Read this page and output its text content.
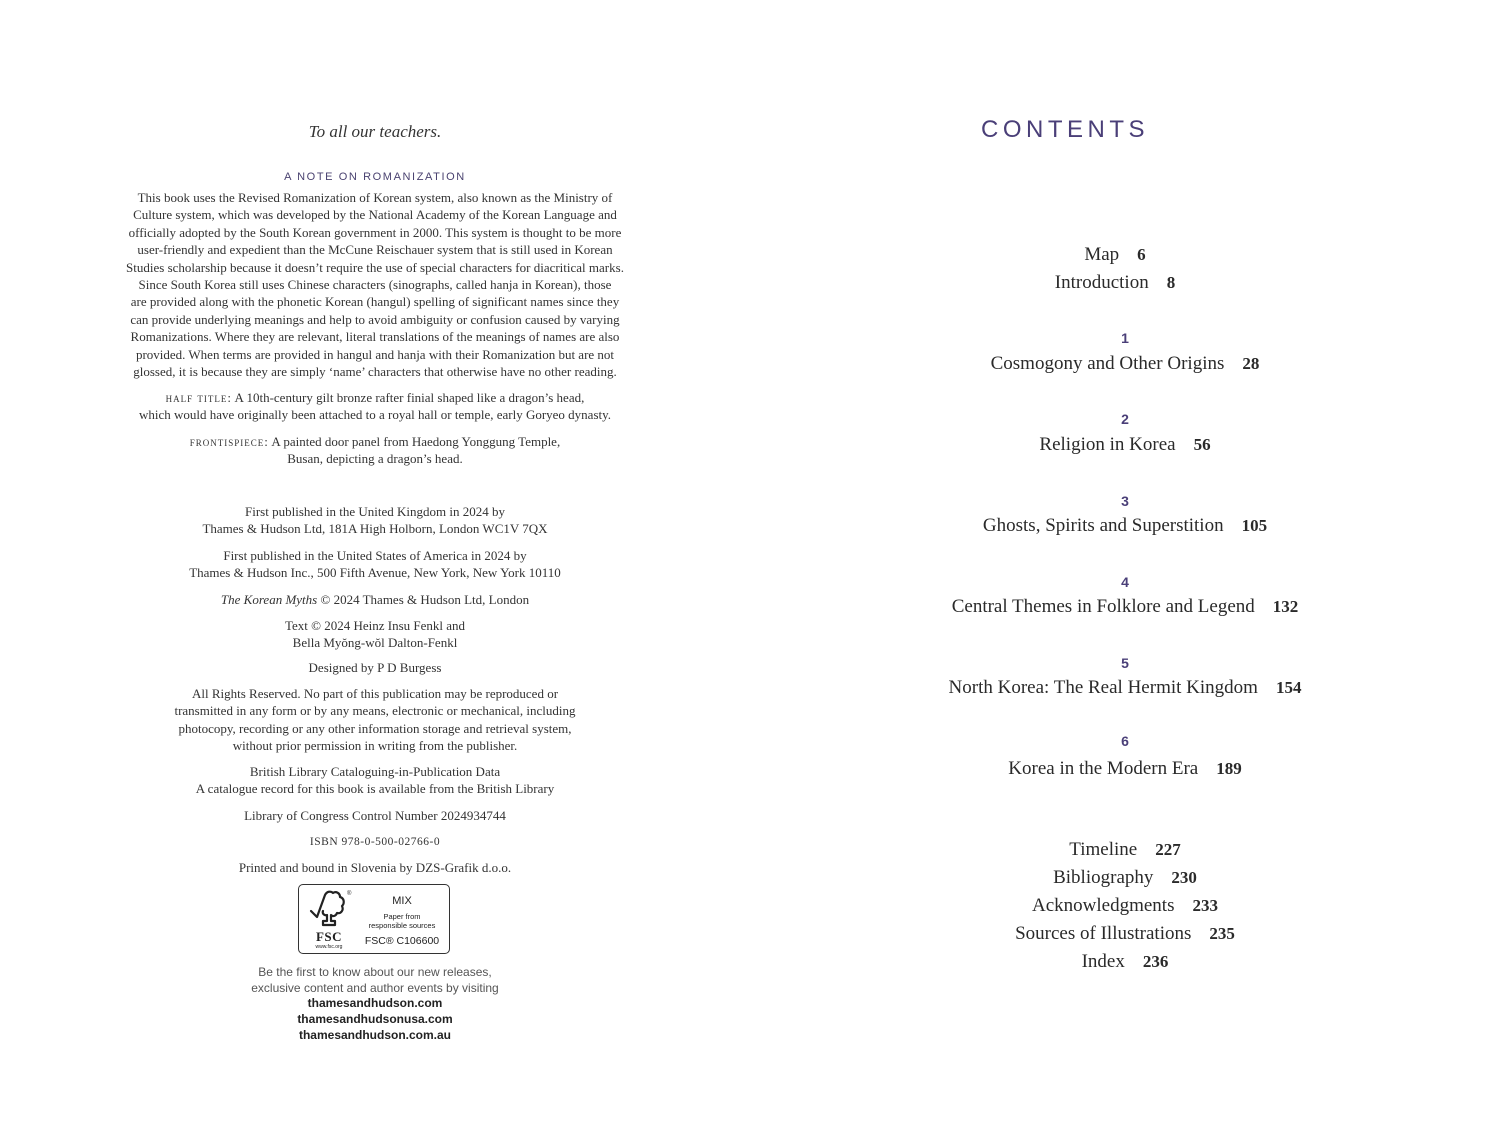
To all our teachers.
A NOTE ON ROMANIZATION
This book uses the Revised Romanization of Korean system, also known as the Ministry of
Culture system, which was developed by the National Academy of the Korean Language and
officially adopted by the South Korean government in 2000. This system is thought to be more
user-friendly and expedient than the McCune Reischauer system that is still used in Korean
Studies scholarship because it doesn’t require the use of special characters for diacritical marks.
Since South Korea still uses Chinese characters (sinographs, called hanja in Korean), those
are provided along with the phonetic Korean (hangul) spelling of significant names since they
can provide underlying meanings and help to avoid ambiguity or confusion caused by varying
Romanizations. Where they are relevant, literal translations of the meanings of names are also
provided. When terms are provided in hangul and hanja with their Romanization but are not
glossed, it is because they are simply ‘name’ characters that otherwise have no other reading.
half title: A 10th-century gilt bronze rafter finial shaped like a dragon’s head,
which would have originally been attached to a royal hall or temple, early Goryeo dynasty.
frontispiece: A painted door panel from Haedong Yonggung Temple,
Busan, depicting a dragon’s head.
First published in the United Kingdom in 2024 by
Thames & Hudson Ltd, 181A High Holborn, London WC1V 7QX
First published in the United States of America in 2024 by
Thames & Hudson Inc., 500 Fifth Avenue, New York, New York 10110
The Korean Myths © 2024 Thames & Hudson Ltd, London
Text © 2024 Heinz Insu Fenkl and
Bella Myŏng-wŏl Dalton-Fenkl
Designed by P D Burgess
All Rights Reserved. No part of this publication may be reproduced or
transmitted in any form or by any means, electronic or mechanical, including
photocopy, recording or any other information storage and retrieval system,
without prior permission in writing from the publisher.
British Library Cataloguing-in-Publication Data
A catalogue record for this book is available from the British Library
Library of Congress Control Number 2024934744
ISBN 978-0-500-02766-0
Printed and bound in Slovenia by DZS-Grafik d.o.o.
®
FSC
www.fsc.org
MIX
Paper from
responsible sources
FSC® C106600
Be the first to know about our new releases,
exclusive content and author events by visiting
thamesandhudson.com
thamesandhudsonusa.com
thamesandhudson.com.au
CONTENTS
Map 6
Introduction 8
1
Cosmogony and Other Origins 28
2
Religion in Korea 56
3
Ghosts, Spirits and Superstition 105
4
Central Themes in Folklore and Legend 132
5
North Korea: The Real Hermit Kingdom 154
6
Korea in the Modern Era 189
Timeline 227
Bibliography 230
Acknowledgments 233
Sources of Illustrations 235
Index 236
